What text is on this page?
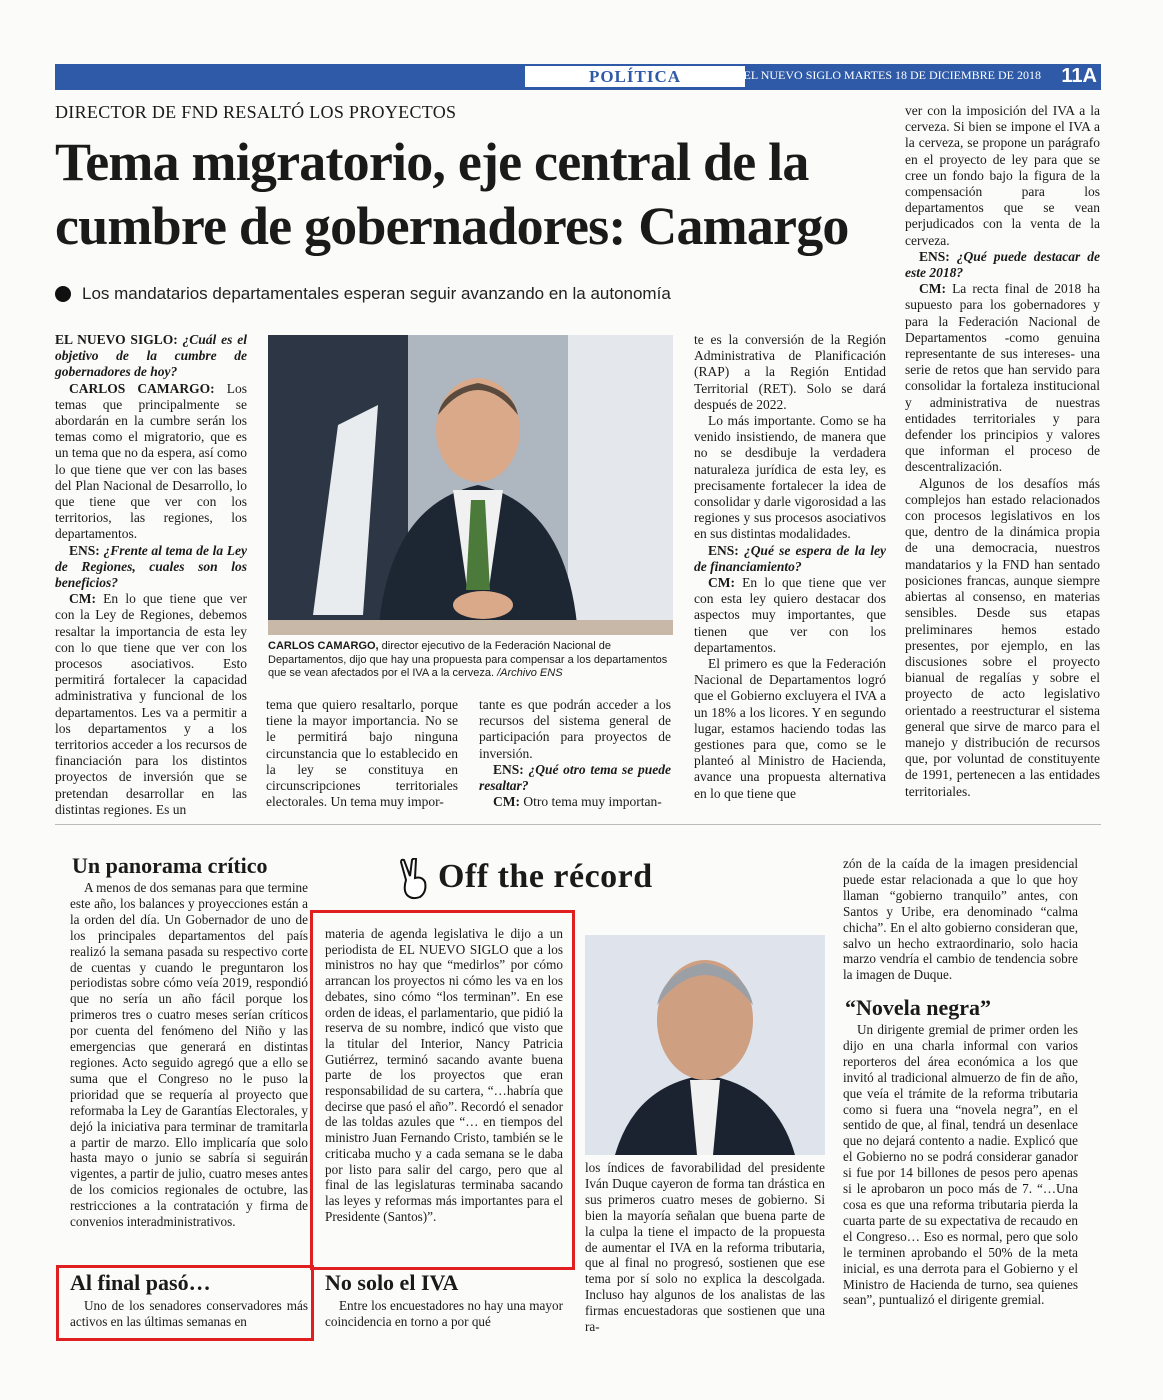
POLÍTICA	EL NUEVO SIGLO MARTES 18 DE DICIEMBRE DE 2018 11A
DIRECTOR DE FND RESALTÓ LOS PROYECTOS
Tema migratorio, eje central de la
cumbre de gobernadores: Camargo
Los mandatarios departamentales esperan seguir avanzando en la autonomía

EL NUEVO SIGLO: ¿Cuál es el objetivo de la cumbre de gobernadores de hoy?

CARLOS CAMARGO: Los temas que principalmente se abordarán en la cumbre serán los temas como el migratorio, que es un tema que no da espera, así como lo que tiene que ver con las bases del Plan Nacional de Desarrollo, lo que tiene que ver con los territorios, las regiones, los departamentos.

ENS: ¿Frente al tema de la Ley de Regiones, cuales son los beneficios?

CM: En lo que tiene que ver con la Ley de Regiones, debemos resaltar la importancia de esta ley con lo que tiene que ver con los procesos asociativos. Esto permitirá fortalecer la capacidad administrativa y funcional de los departamentos. Les va a permitir a los departamentos y a los territorios acceder a los recursos de financiación para los distintos proyectos de inversión que se pretendan desarrollar en las distintas regiones. Es un

CARLOS CAMARGO, director ejecutivo de la Federación Nacional de Departamentos, dijo que hay una propuesta para compensar a los departamentos que se vean afectados por el IVA a la cerveza. /Archivo ENS

tema que quiero resaltarlo, porque tiene la mayor importancia. No se le permitirá bajo ninguna circunstancia que lo establecido en la ley se constituya en circunscripciones territoriales electorales. Un tema muy impor-

tante es que podrán acceder a los recursos del sistema general de participación para proyectos de inversión.

ENS: ¿Qué otro tema se puede resaltar?

CM: Otro tema muy importan-

te es la conversión de la Región Administrativa de Planificación (RAP) a la Región Entidad Territorial (RET). Solo se dará después de 2022.

Lo más importante. Como se ha venido insistiendo, de manera que no se desdibuje la verdadera naturaleza jurídica de esta ley, es precisamente fortalecer la idea de consolidar y darle vigorosidad a las regiones y sus procesos asociativos en sus distintas modalidades.

ENS: ¿Qué se espera de la ley de financiamiento?

CM: En lo que tiene que ver con esta ley quiero destacar dos aspectos muy importantes, que tienen que ver con los departamentos.

El primero es que la Federación Nacional de Departamentos logró que el Gobierno excluyera el IVA a un 18% a los licores. Y en segundo lugar, estamos haciendo todas las gestiones para que, como se le planteó al Ministro de Hacienda, avance una propuesta alternativa en lo que tiene que

ver con la imposición del IVA a la cerveza. Si bien se impone el IVA a la cerveza, se propone un parágrafo en el proyecto de ley para que se cree un fondo bajo la figura de la compensación para los departamentos que se vean perjudicados con la venta de la cerveza.

ENS: ¿Qué puede destacar de este 2018?

CM: La recta final de 2018 ha supuesto para los gobernadores y para la Federación Nacional de Departamentos -como genuina representante de sus intereses- una serie de retos que han servido para consolidar la fortaleza institucional y administrativa de nuestras entidades territoriales y para defender los principios y valores que informan el proceso de descentralización.

Algunos de los desafíos más complejos han estado relacionados con procesos legislativos en los que, dentro de la dinámica propia de una democracia, nuestros mandatarios y la FND han sentado posiciones francas, aunque siempre abiertas al consenso, en materias sensibles. Desde sus etapas preliminares hemos estado presentes, por ejemplo, en las discusiones sobre el proyecto bianual de regalías y sobre el proyecto de acto legislativo orientado a reestructurar el sistema general que sirve de marco para el manejo y distribución de recursos que, por voluntad de constituyente de 1991, pertenecen a las entidades territoriales.

Off the récord
Un panorama crítico

A menos de dos semanas para que termine este año, los balances y proyecciones están a la orden del día. Un Gobernador de uno de los principales departamentos del país realizó la semana pasada su respectivo corte de cuentas y cuando le preguntaron los periodistas sobre cómo veía 2019, respondió que no sería un año fácil porque los primeros tres o cuatro meses serían críticos por cuenta del fenómeno del Niño y las emergencias que generará en distintas regiones. Acto seguido agregó que a ello se suma que el Congreso no le puso la prioridad que se requería al proyecto que reformaba la Ley de Garantías Electorales, y dejó la iniciativa para terminar de tramitarla a partir de marzo. Ello implicaría que solo hasta mayo o junio se sabría si seguirán vigentes, a partir de julio, cuatro meses antes de los comicios regionales de octubre, las restricciones a la contratación y firma de convenios interadministrativos.

Al final pasó…

Uno de los senadores conservadores más activos en las últimas semanas en

materia de agenda legislativa le dijo a un periodista de EL NUEVO SIGLO que a los ministros no hay que “medirlos” por cómo arrancan los proyectos ni cómo les va en los debates, sino cómo “los terminan”. En ese orden de ideas, el parlamentario, que pidió la reserva de su nombre, indicó que visto que la titular del Interior, Nancy Patricia Gutiérrez, terminó sacando avante buena parte de los proyectos que eran responsabilidad de su cartera, “…habría que decirse que pasó el año”. Recordó el senador de las toldas azules que “… en tiempos del ministro Juan Fernando Cristo, también se le criticaba mucho y a cada semana se le daba por listo para salir del cargo, pero que al final de las legislaturas terminaba sacando las leyes y reformas más importantes para el Presidente (Santos)”.

No solo el IVA

Entre los encuestadores no hay una mayor coincidencia en torno a por qué

los índices de favorabilidad del presidente Iván Duque cayeron de forma tan drástica en sus primeros cuatro meses de gobierno. Si bien la mayoría señalan que buena parte de la culpa la tiene el impacto de la propuesta de aumentar el IVA en la reforma tributaria, que al final no progresó, sostienen que ese tema por sí solo no explica la descolgada. Incluso hay algunos de los analistas de las firmas encuestadoras que sostienen que una ra-

zón de la caída de la imagen presidencial puede estar relacionada a que lo que hoy llaman “gobierno tranquilo” antes, con Santos y Uribe, era denominado “calma chicha”. En el alto gobierno consideran que, salvo un hecho extraordinario, solo hacia marzo vendría el cambio de tendencia sobre la imagen de Duque.

“Novela negra”

Un dirigente gremial de primer orden les dijo en una charla informal con varios reporteros del área económica a los que invitó al tradicional almuerzo de fin de año, que veía el trámite de la reforma tributaria como si fuera una “novela negra”, en el sentido de que, al final, tendrá un desenlace que no dejará contento a nadie. Explicó que el Gobierno no se podrá considerar ganador si fue por 14 billones de pesos pero apenas si le aprobaron un poco más de 7. “…Una cosa es que una reforma tributaria pierda la cuarta parte de su expectativa de recaudo en el Congreso… Eso es normal, pero que solo le terminen aprobando el 50% de la meta inicial, es una derrota para el Gobierno y el Ministro de Hacienda de turno, sea quienes sean”, puntualizó el dirigente gremial.
